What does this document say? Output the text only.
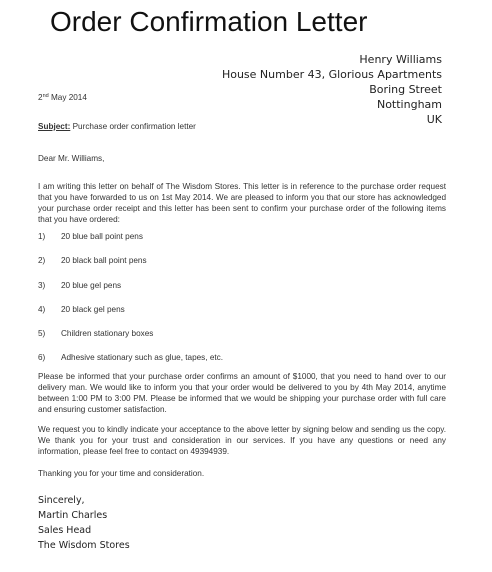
Order Confirmation Letter
Henry Williams
House Number 43, Glorious Apartments
Boring Street
Nottingham
UK
2nd May 2014
Subject: Purchase order confirmation letter
Dear Mr. Williams,
I am writing this letter on behalf of The Wisdom Stores. This letter is in reference to the purchase order request that you have forwarded to us on 1st May 2014. We are pleased to inform you that our store has acknowledged your purchase order receipt and this letter has been sent to confirm your purchase order of the following items that you have ordered:
1) 20 blue ball point pens
2) 20 black ball point pens
3) 20 blue gel pens
4) 20 black gel pens
5) Children stationary boxes
6) Adhesive stationary such as glue, tapes, etc.
Please be informed that your purchase order confirms an amount of $1000, that you need to hand over to our delivery man. We would like to inform you that your order would be delivered to you by 4th May 2014, anytime between 1:00 PM to 3:00 PM. Please be informed that we would be shipping your purchase order with full care and ensuring customer satisfaction.
We request you to kindly indicate your acceptance to the above letter by signing below and sending us the copy. We thank you for your trust and consideration in our services. If you have any questions or need any information, please feel free to contact on 49394939.
Thanking you for your time and consideration.
Sincerely,
Martin Charles
Sales Head
The Wisdom Stores
